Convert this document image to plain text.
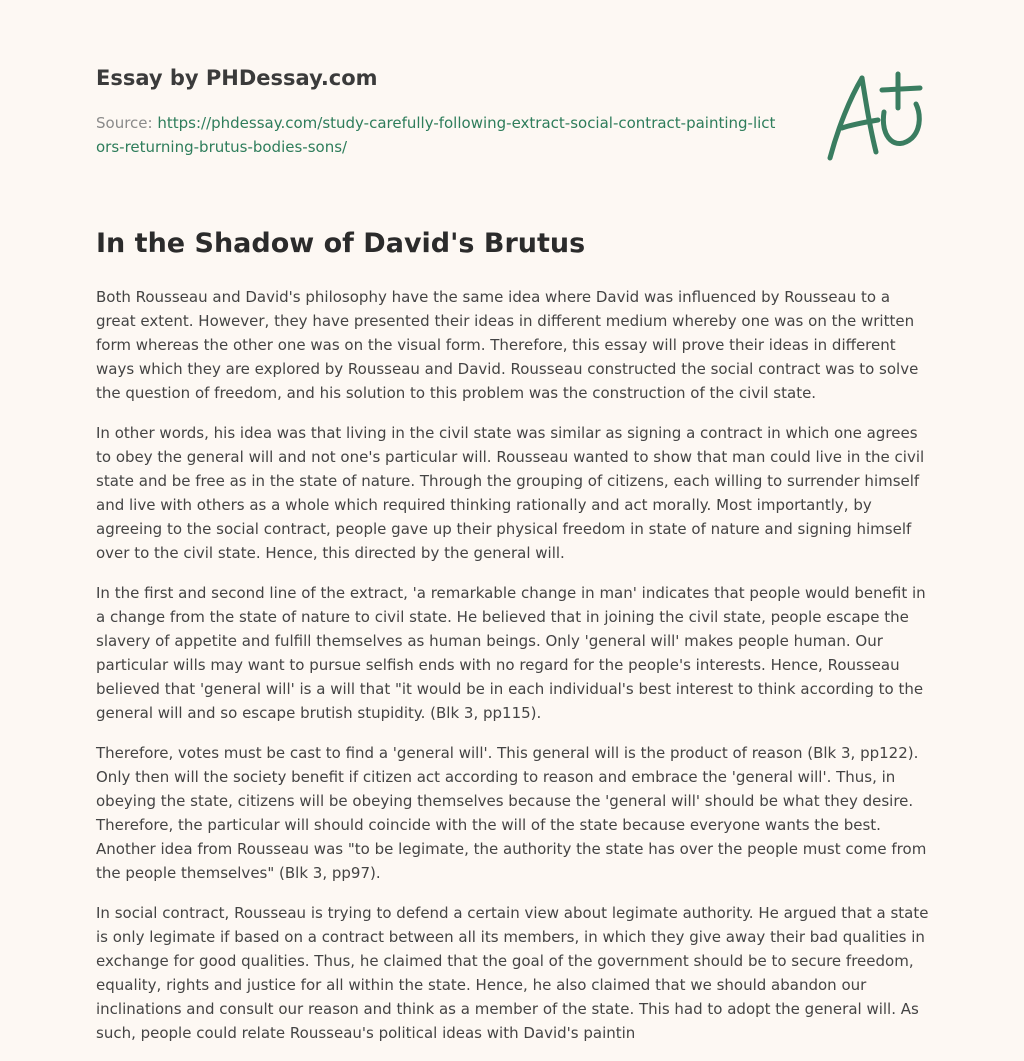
Essay by PHDessay.com
Source: https://phdessay.com/study-carefully-following-extract-social-contract-painting-lictors-returning-brutus-bodies-sons/
In the Shadow of David's Brutus

Both Rousseau and David's philosophy have the same idea where David was influenced by Rousseau to a great extent. However, they have presented their ideas in different medium whereby one was on the written form whereas the other one was on the visual form. Therefore, this essay will prove their ideas in different ways which they are explored by Rousseau and David. Rousseau constructed the social contract was to solve the question of freedom, and his solution to this problem was the construction of the civil state.

In other words, his idea was that living in the civil state was similar as signing a contract in which one agrees to obey the general will and not one's particular will. Rousseau wanted to show that man could live in the civil state and be free as in the state of nature. Through the grouping of citizens, each willing to surrender himself and live with others as a whole which required thinking rationally and act morally. Most importantly, by agreeing to the social contract, people gave up their physical freedom in state of nature and signing himself over to the civil state. Hence, this directed by the general will.

In the first and second line of the extract, 'a remarkable change in man' indicates that people would benefit in a change from the state of nature to civil state. He believed that in joining the civil state, people escape the slavery of appetite and fulfill themselves as human beings. Only 'general will' makes people human. Our particular wills may want to pursue selfish ends with no regard for the people's interests. Hence, Rousseau believed that 'general will' is a will that "it would be in each individual's best interest to think according to the general will and so escape brutish stupidity. (Blk 3, pp115).

Therefore, votes must be cast to find a 'general will'. This general will is the product of reason (Blk 3, pp122). Only then will the society benefit if citizen act according to reason and embrace the 'general will'. Thus, in obeying the state, citizens will be obeying themselves because the 'general will' should be what they desire. Therefore, the particular will should coincide with the will of the state because everyone wants the best. Another idea from Rousseau was "to be legimate, the authority the state has over the people must come from the people themselves" (Blk 3, pp97).

In social contract, Rousseau is trying to defend a certain view about legimate authority. He argued that a state is only legimate if based on a contract between all its members, in which they give away their bad qualities in exchange for good qualities. Thus, he claimed that the goal of the government should be to secure freedom, equality, rights and justice for all within the state. Hence, he also claimed that we should abandon our inclinations and consult our reason and think as a member of the state. This had to adopt the general will. As such, people could relate Rousseau's political ideas with David's paintin
